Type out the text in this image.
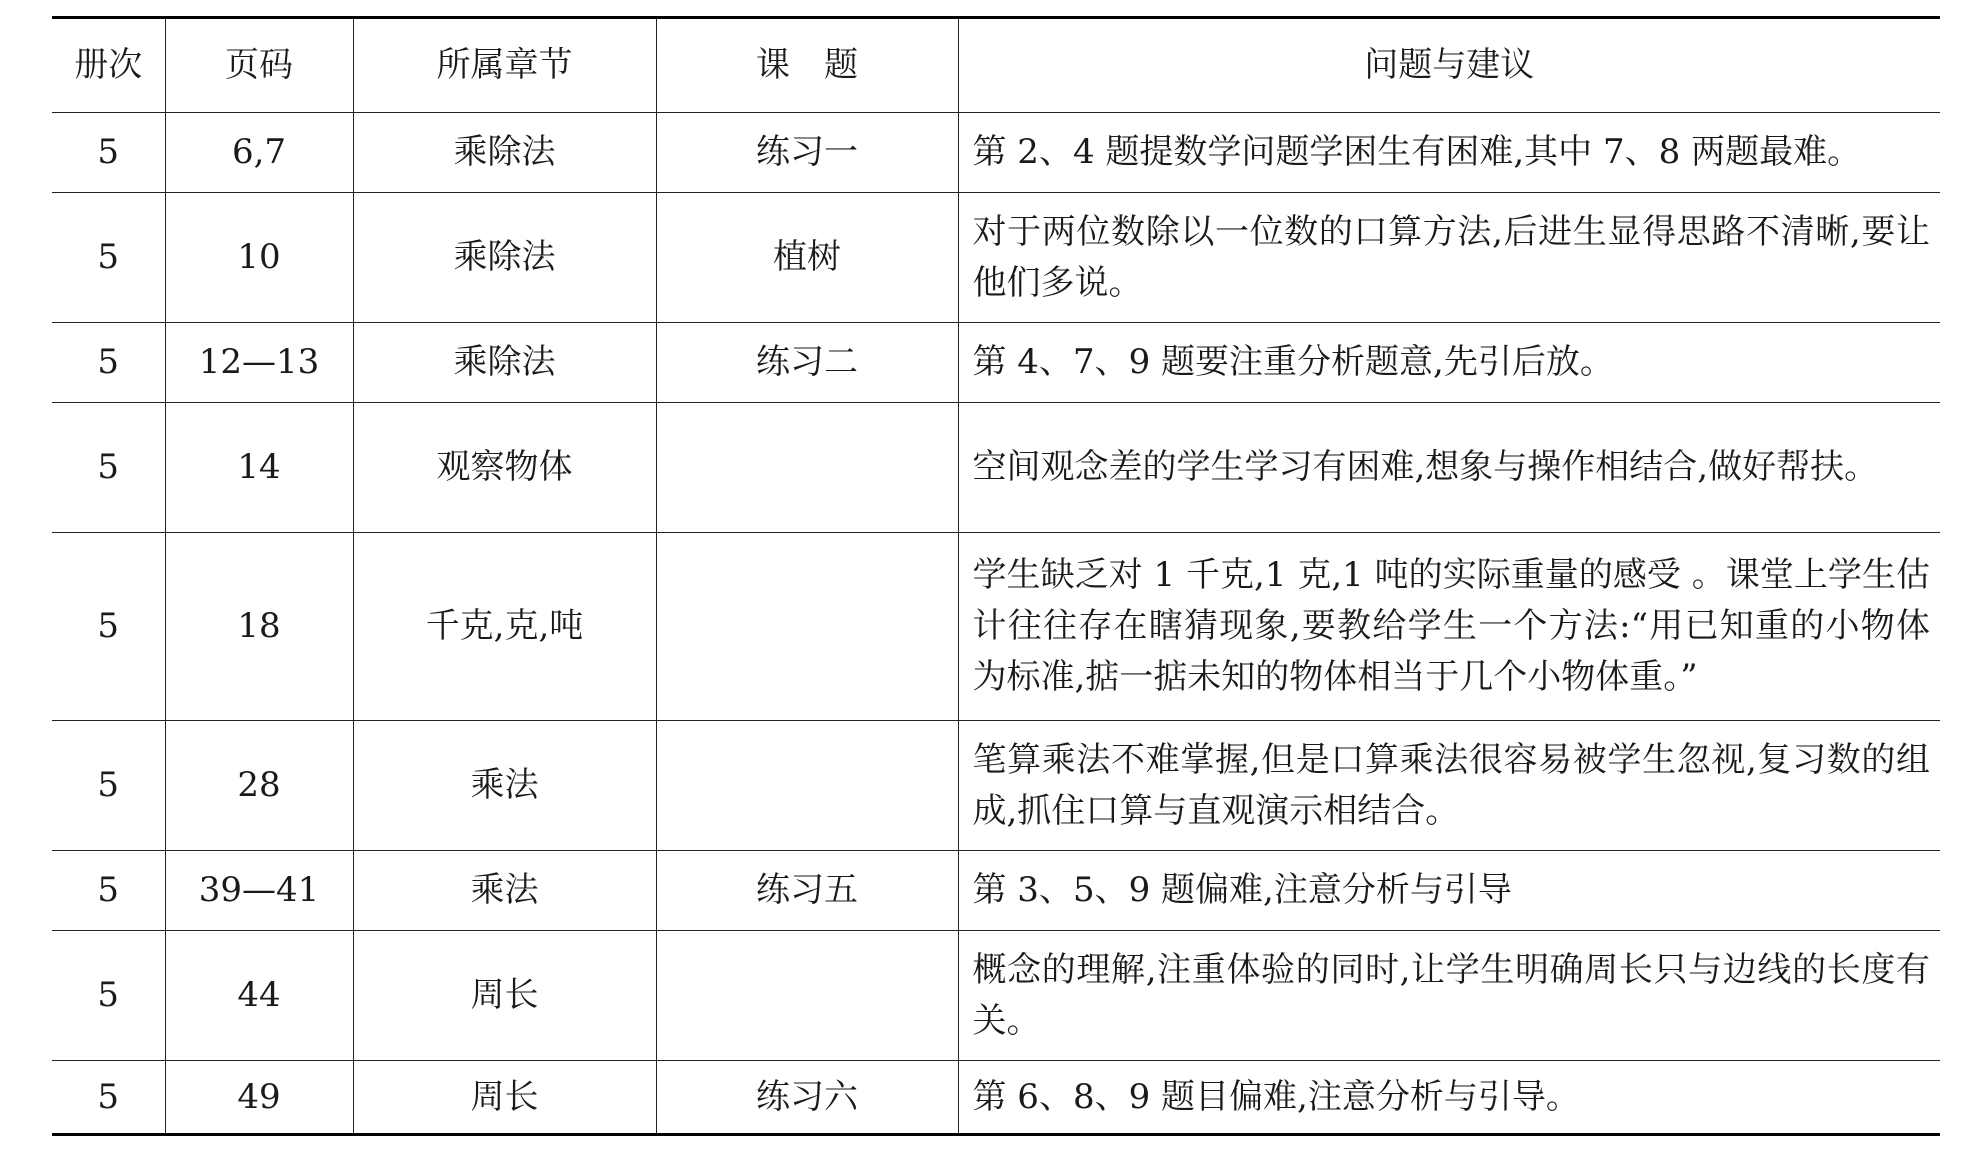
册次	页码	所属章节	课　题	问题与建议
5	6,7	乘除法	练习一	第 2、4 题提数学问题学困生有困难,其中 7、8 两题最难。
5	10	乘除法	植树	对于两位数除以一位数的口算方法,后进生显得思路不清晰,要让他们多说。
5	12—13	乘除法	练习二	第 4、7、9 题要注重分析题意,先引后放。
5	14	观察物体		空间观念差的学生学习有困难,想象与操作相结合,做好帮扶。
5	18	千克,克,吨		学生缺乏对 1 千克,1 克,1 吨的实际重量的感受 。课堂上学生估计往往存在瞎猜现象,要教给学生一个方法:“用已知重的小物体为标准,掂一掂未知的物体相当于几个小物体重。”
5	28	乘法		笔算乘法不难掌握,但是口算乘法很容易被学生忽视,复习数的组成,抓住口算与直观演示相结合。
5	39—41	乘法	练习五	第 3、5、9 题偏难,注意分析与引导
5	44	周长		概念的理解,注重体验的同时,让学生明确周长只与边线的长度有关。
5	49	周长	练习六	第 6、8、9 题目偏难,注意分析与引导。
